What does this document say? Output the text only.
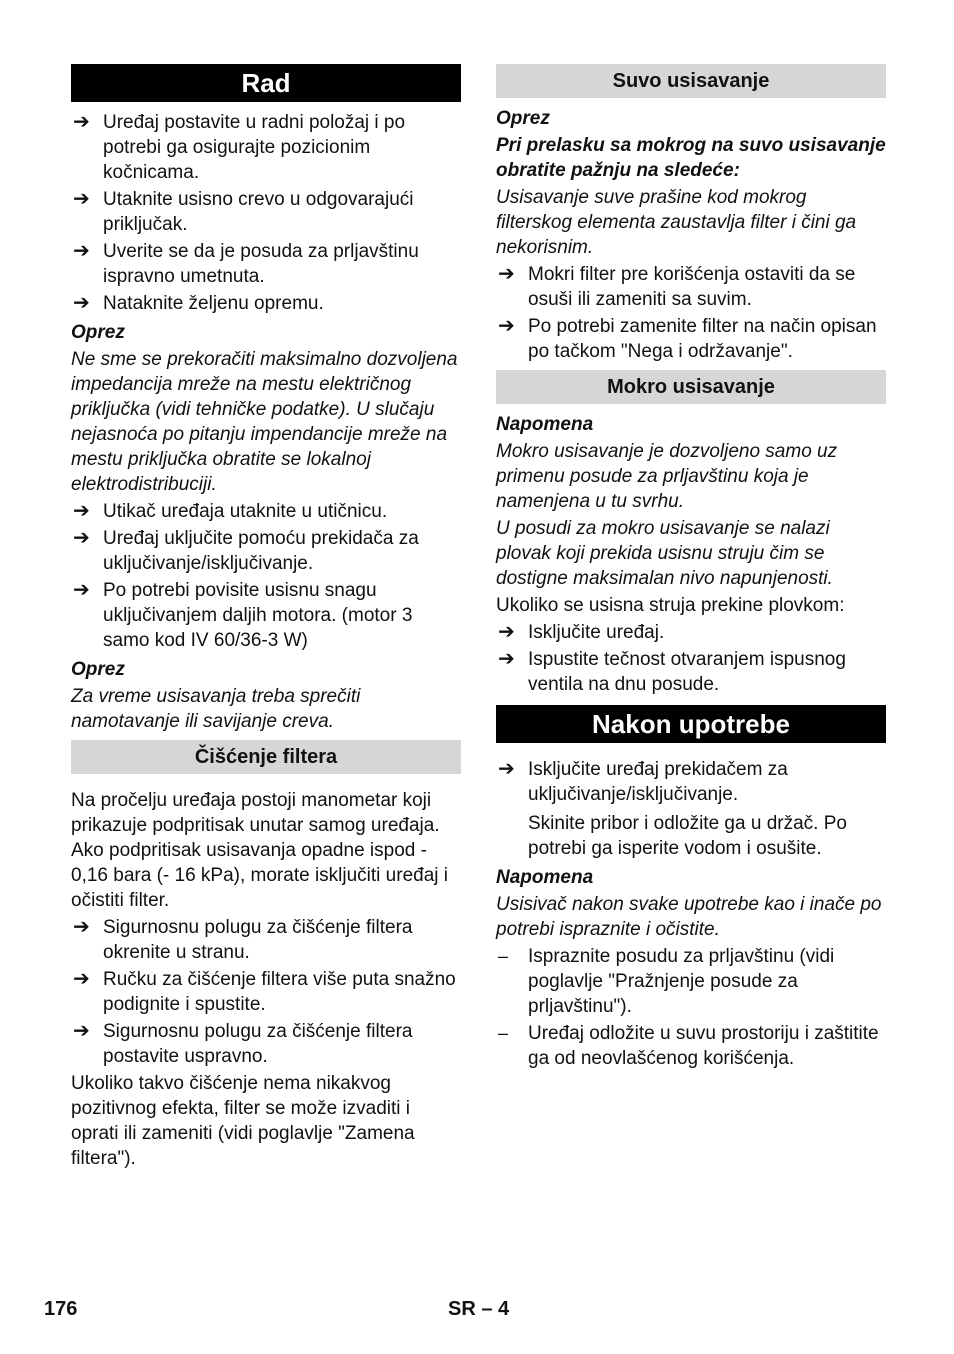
Rad
➔ Uređaj postavite u radni položaj i po potrebi ga osigurajte pozicionim kočnicama.
➔ Utaknite usisno crevo u odgovarajući priključak.
➔ Uverite se da je posuda za prljavštinu ispravno umetnuta.
➔ Nataknite željenu opremu.
Oprez
Ne sme se prekoračiti maksimalno dozvoljena impedancija mreže na mestu električnog priključka (vidi tehničke podatke). U slučaju nejasnoća po pitanju impendancije mreže na mestu priključka obratite se lokalnoj elektrodistribuciji.
➔ Utikač uređaja utaknite u utičnicu.
➔ Uređaj uključite pomoću prekidača za uključivanje/isključivanje.
➔ Po potrebi povisite usisnu snagu uključivanjem daljih motora. (motor 3 samo kod IV 60/36-3 W)
Oprez
Za vreme usisavanja treba sprečiti namotavanje ili savijanje creva.
Čišćenje filtera
Na pročelju uređaja postoji manometar koji prikazuje podpritisak unutar samog uređaja. Ako podpritisak usisavanja opadne ispod - 0,16 bara (- 16 kPa), morate isključiti uređaj i očistiti filter.
➔ Sigurnosnu polugu za čišćenje filtera okrenite u stranu.
➔ Ručku za čišćenje filtera više puta snažno podignite i spustite.
➔ Sigurnosnu polugu za čišćenje filtera postavite uspravno.
Ukoliko takvo čišćenje nema nikakvog pozitivnog efekta, filter se može izvaditi i oprati ili zameniti (vidi poglavlje "Zamena filtera").
Suvo usisavanje
Oprez
Pri prelasku sa mokrog na suvo usisavanje obratite pažnju na sledeće:
Usisavanje suve prašine kod mokrog filterskog elementa zaustavlja filter i čini ga nekorisnim.
➔ Mokri filter pre korišćenja ostaviti da se osuši ili zameniti sa suvim.
➔ Po potrebi zamenite filter na način opisan po tačkom "Nega i održavanje".
Mokro usisavanje
Napomena
Mokro usisavanje je dozvoljeno samo uz primenu posude za prljavštinu koja je namenjena u tu svrhu.
U posudi za mokro usisavanje se nalazi plovak koji prekida usisnu struju čim se dostigne maksimalan nivo napunjenosti.
Ukoliko se usisna struja prekine plovkom:
➔ Isključite uređaj.
➔ Ispustite tečnost otvaranjem ispusnog ventila na dnu posude.
Nakon upotrebe
➔ Isključite uređaj prekidačem za uključivanje/isključivanje.
Skinite pribor i odložite ga u držač. Po potrebi ga isperite vodom i osušite.
Napomena
Usisivač nakon svake upotrebe kao i inače po potrebi ispraznite i očistite.
– Ispraznite posudu za prljavštinu (vidi poglavlje "Pražnjenje posude za prljavštinu").
– Uređaj odložite u suvu prostoriju i zaštitite ga od neovlašćenog korišćenja.
176	SR – 4
